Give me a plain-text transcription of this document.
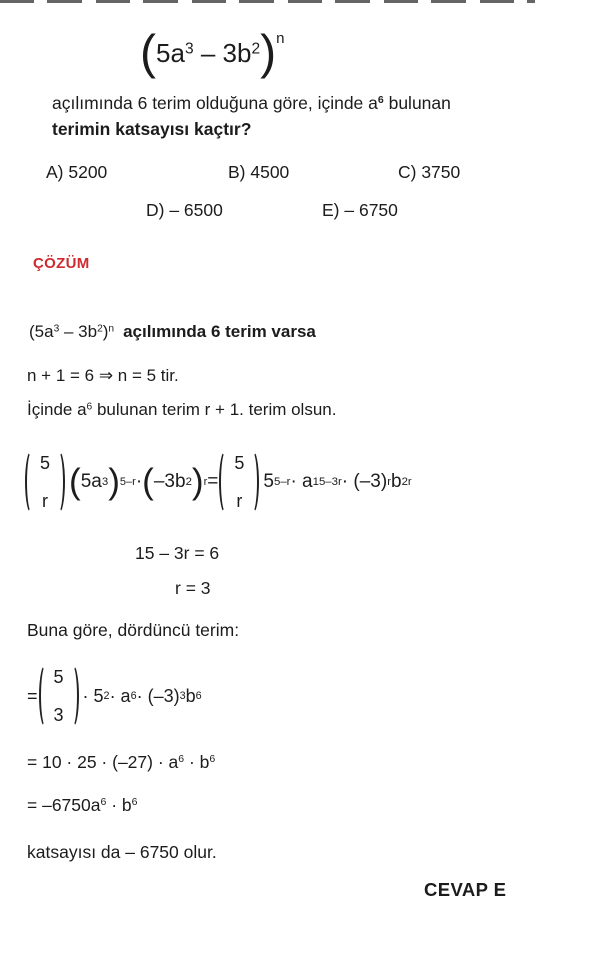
$(5a^3 - 3b^2)^n$
açılımında 6 terim olduğuna göre, içinde $a^6$ bulunan
terimin katsayısı kaçtır?
A) 5200	B) 4500	C) 3750
D) – 6500	E) – 6750
ÇÖZÜM
$(5a^3 - 3b^2)^n$ açılımında 6 terim varsa
n + 1 = 6 ⇒ n = 5 tir.
İçinde $a^6$ bulunan terim r + 1. terim olsun.
5
r
( 5a 3 ) 5–r · ( –3b 2 ) r =
5
r
5 5–r · a 15–3r · (–3) r b 2r
15 – 3r = 6
r = 3
Buna göre, dördüncü terim:
=
5
3
· 5 2 · a 6 · (–3) 3 b 6
= $10 \cdot 25 \cdot (-27) \cdot a^6 \cdot b^6$
= $-6750a^6 \cdot b^6$
katsayısı da – 6750 olur.
CEVAP E
